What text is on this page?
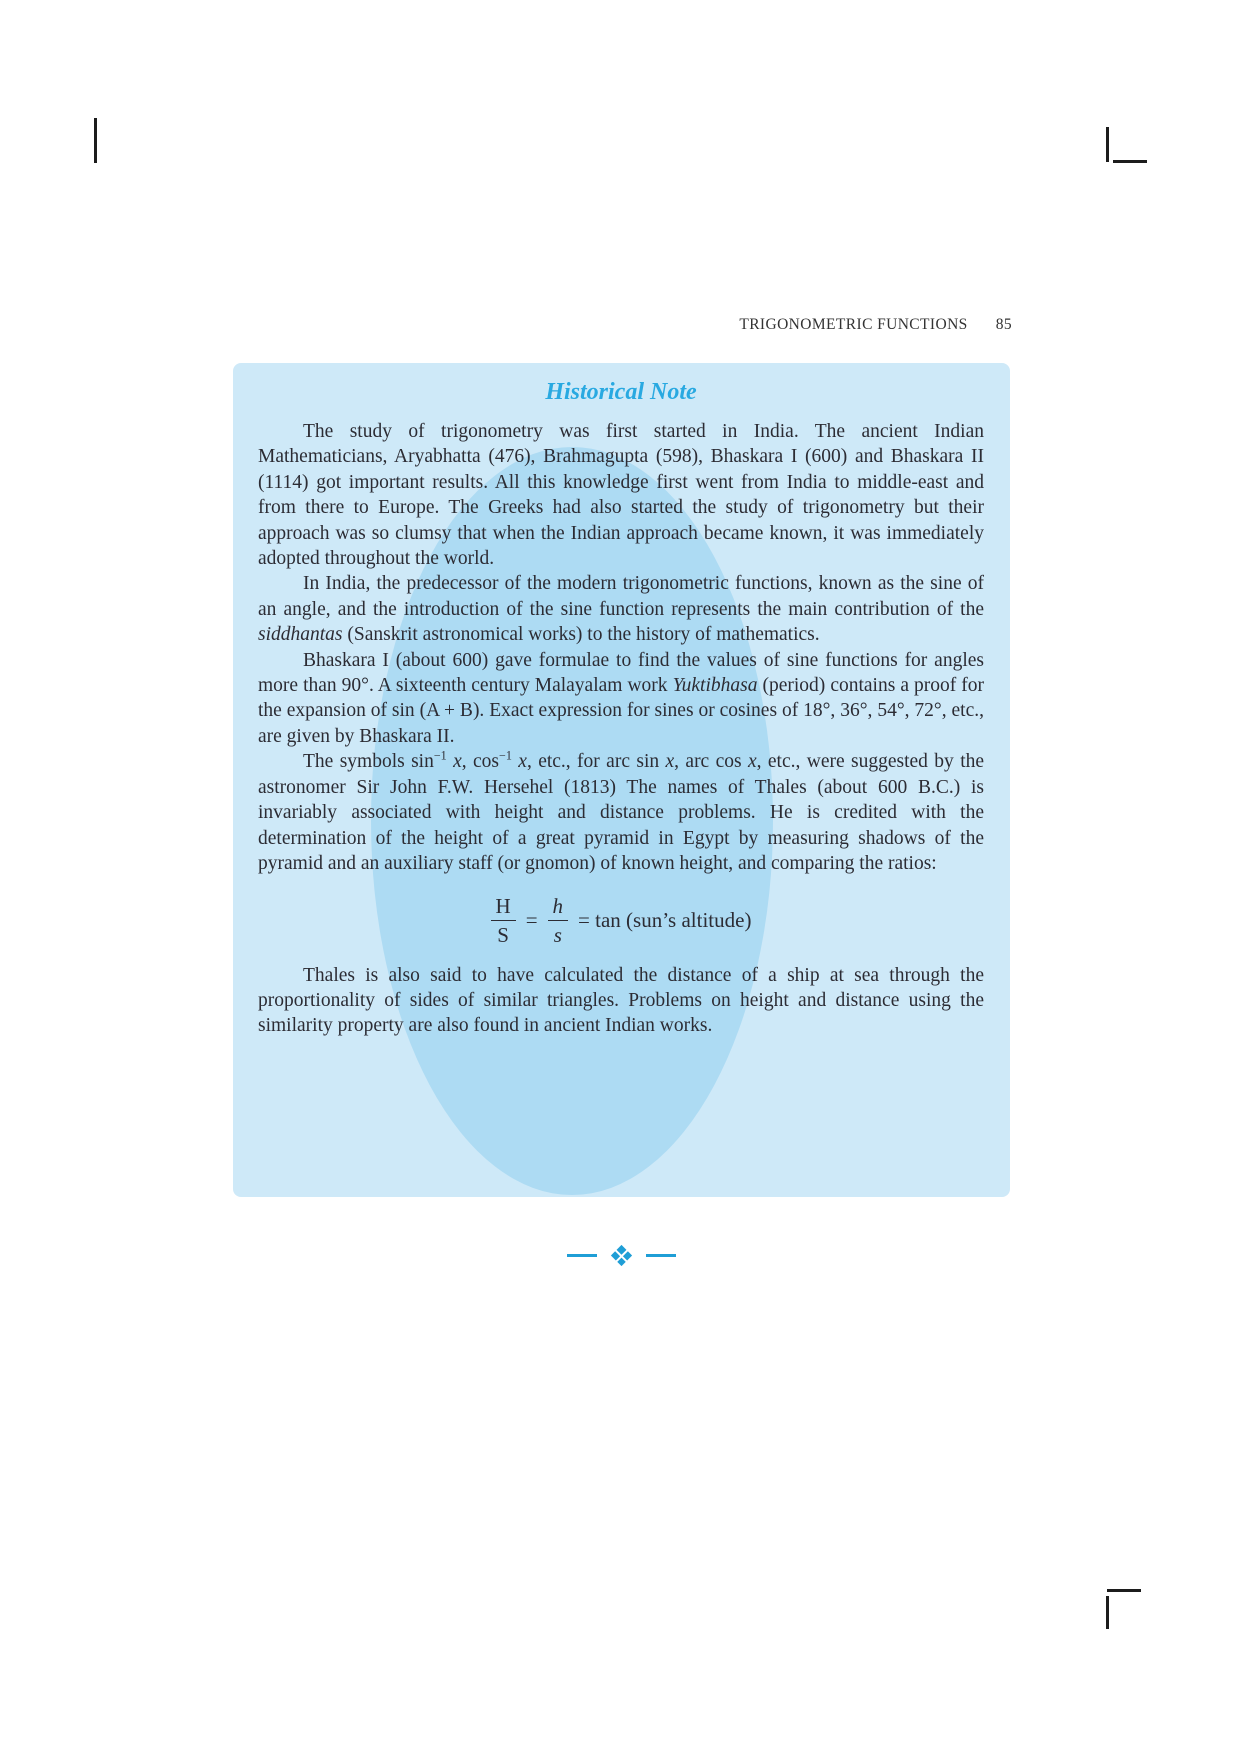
TRIGONOMETRIC FUNCTIONS 85
Historical Note

The study of trigonometry was first started in India. The ancient Indian Mathematicians, Aryabhatta (476), Brahmagupta (598), Bhaskara I (600) and Bhaskara II (1114) got important results. All this knowledge first went from India to middle-east and from there to Europe. The Greeks had also started the study of trigonometry but their approach was so clumsy that when the Indian approach became known, it was immediately adopted throughout the world.

In India, the predecessor of the modern trigonometric functions, known as the sine of an angle, and the introduction of the sine function represents the main contribution of the siddhantas (Sanskrit astronomical works) to the history of mathematics.

Bhaskara I (about 600) gave formulae to find the values of sine functions for angles more than 90°. A sixteenth century Malayalam work Yuktibhasa (period) contains a proof for the expansion of sin (A + B). Exact expression for sines or cosines of 18°, 36°, 54°, 72°, etc., are given by Bhaskara II.

The symbols $\sin^{-1} x$, $\cos^{-1} x$, etc., for arc sin x, arc cos x, etc., were suggested by the astronomer Sir John F.W. Hersehel (1813) The names of Thales (about 600 B.C.) is invariably associated with height and distance problems. He is credited with the determination of the height of a great pyramid in Egypt by measuring shadows of the pyramid and an auxiliary staff (or gnomon) of known height, and comparing the ratios:

$\frac{H}{S} = \frac{h}{s} = \tan$ (sun’s altitude)

Thales is also said to have calculated the distance of a ship at sea through the proportionality of sides of similar triangles. Problems on height and distance using the similarity property are also found in ancient Indian works.
